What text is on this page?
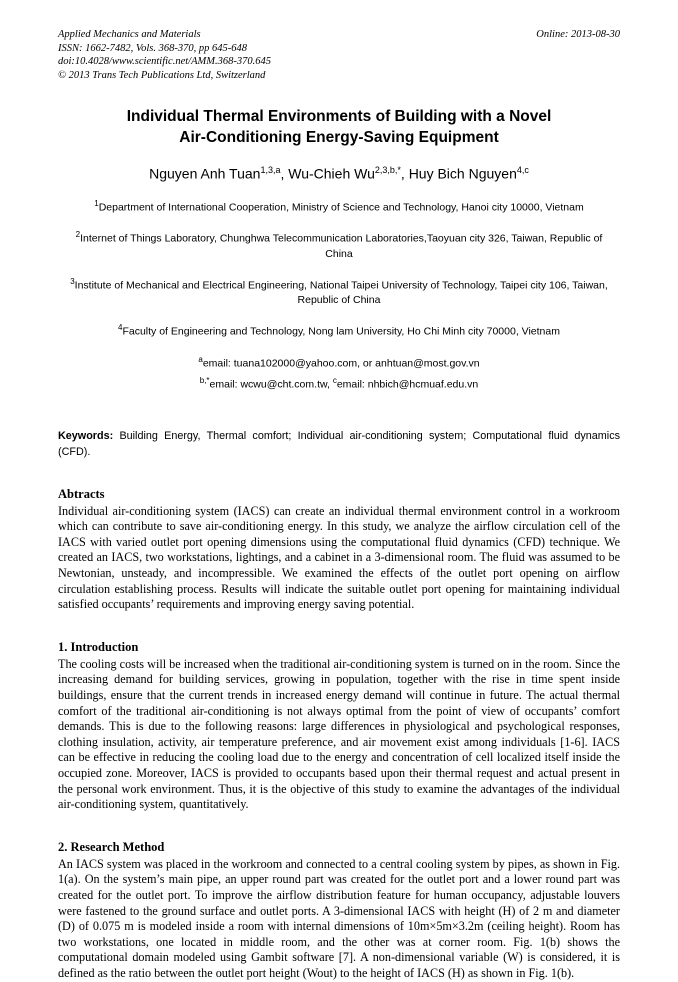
Applied Mechanics and Materials
ISSN: 1662-7482, Vols. 368-370, pp 645-648
doi:10.4028/www.scientific.net/AMM.368-370.645
© 2013 Trans Tech Publications Ltd, Switzerland
Online: 2013-08-30
Individual Thermal Environments of Building with a Novel
Air-Conditioning Energy-Saving Equipment
Nguyen Anh Tuan$^{1,3,a}$, Wu-Chieh $Wu^{2,3,b,*}$, Huy Bich Nguyen$^{4,c}$
$^1$Department of International Cooperation, Ministry of Science and Technology, Hanoi city 10000, Vietnam
$^2$Internet of Things Laboratory, Chunghwa Telecommunication Laboratories,Taoyuan city 326, Taiwan, Republic of China
$^3$Institute of Mechanical and Electrical Engineering, National Taipei University of Technology, Taipei city 106, Taiwan, Republic of China
$^4$Faculty of Engineering and Technology, Nong lam University, Ho Chi Minh city 70000, Vietnam
$^a$email: tuana102000@yahoo.com, or anhtuan@most.gov.vn
$^{b,*}$email: wcwu@cht.com.tw, $^c$email: nhbich@hcmuaf.edu.vn
Keywords: Building Energy, Thermal comfort; Individual air-conditioning system; Computational fluid dynamics (CFD).
Abtracts
Individual air-conditioning system (IACS) can create an individual thermal environment control in a workroom which can contribute to save air-conditioning energy. In this study, we analyze the airflow circulation cell of the IACS with varied outlet port opening dimensions using the computational fluid dynamics (CFD) technique. We created an IACS, two workstations, lightings, and a cabinet in a 3-dimensional room. The fluid was assumed to be Newtonian, unsteady, and incompressible. We examined the effects of the outlet port opening on airflow circulation establishing process. Results will indicate the suitable outlet port opening for maintaining individual satisfied occupants’ requirements and improving energy saving potential.
1. Introduction
The cooling costs will be increased when the traditional air-conditioning system is turned on in the room. Since the increasing demand for building services, growing in population, together with the rise in time spent inside buildings, ensure that the current trends in increased energy demand will continue in future. The actual thermal comfort of the traditional air-conditioning is not always optimal from the point of view of occupants’ comfort demands. This is due to the following reasons: large differences in physiological and psychological responses, clothing insulation, activity, air temperature preference, and air movement exist among individuals [1-6]. IACS can be effective in reducing the cooling load due to the energy and concentration of cell localized itself inside the occupied zone. Moreover, IACS is provided to occupants based upon their thermal request and actual present in the personal work environment. Thus, it is the objective of this study to examine the advantages of the individual air-conditioning system, quantitatively.
2. Research Method
An IACS system was placed in the workroom and connected to a central cooling system by pipes, as shown in Fig. 1(a). On the system’s main pipe, an upper round part was created for the outlet port and a lower round part was created for the outlet port. To improve the airflow distribution feature for human occupancy, adjustable louvers were fastened to the ground surface and outlet ports. A 3-dimensional IACS with height (H) of 2 m and diameter (D) of 0.075 m is modeled inside a room with internal dimensions of 10m×5m×3.2m (ceiling height). Room has two workstations, one located in middle room, and the other was at corner room. Fig. 1(b) shows the computational domain modeled using Gambit software [7]. A non-dimensional variable (W) is considered, it is defined as the ratio between the outlet port height (Wout) to the height of IACS (H) as shown in Fig. 1(b).
